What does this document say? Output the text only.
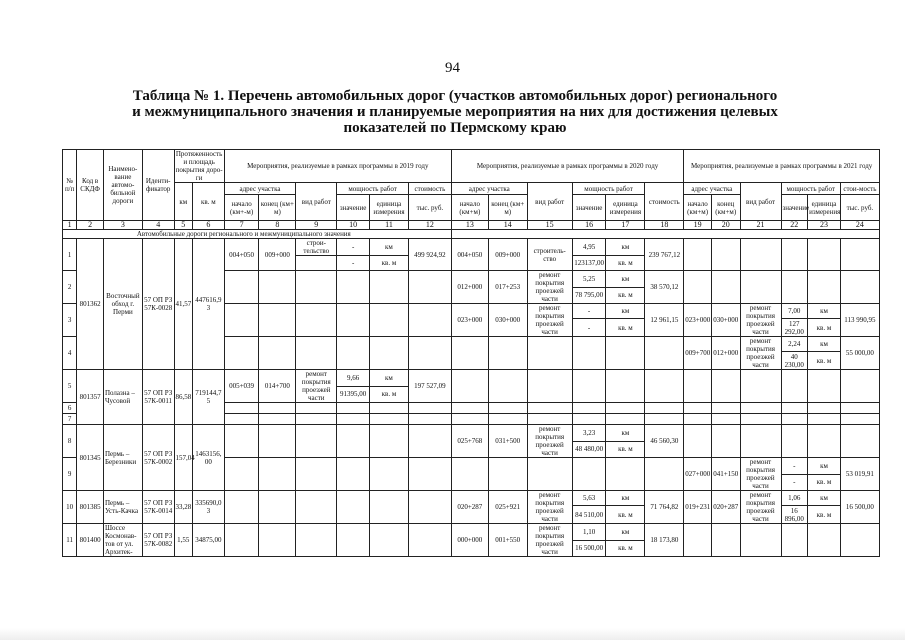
94
Таблица № 1. Перечень автомобильных дорог (участков автомобильных дорог) регионального
и межмуниципального значения и планируемые мероприятия на них для достижения целевых
показателей по Пермскому краю
№ п/п	Код в СКДФ	Наимено-вание автомо-бильной дороги	Иденти-фикатор	Протяженность и площадь покрытия доро-ги		Мероприятия, реализуемые в рамках программы в 2019 году						Мероприятия, реализуемые в рамках программы в 2020 году						Мероприятия, реализуемые в рамках программы в 2021 году					
				км	кв. м	адрес участка		вид работ	мощность работ		стоимость	адрес участка		вид работ	мощность работ		стоимость	адрес участка		вид работ	мощность работ		стои-мость
						начало (км+-м)	конец (км+ м)		значение	единица измерения	тыс. руб.	начало (км+м)	конец (км+ м)		значение	единица измерения		начало (км+м)	конец (км+м)		значение	единица измерения	тыс. руб.
1	2	3	4	5	6	7	8	9	10	11	12	13	14	15	16	17	18	19	20	21	22	23	24
	Автомобильные дороги регионального и межмуниципального значения																						
1	801362	Восточный обход г. Перми	57 ОП РЗ 57К-0028	41,57	447616,9 3	004+050	009+000	строи-тельство	-	км	499 924,92	004+050	009+000	строитель-ство	4,95	км	239 767,12						
									-	кв. м					123137,00	кв. м							
2												012+000	017+253	ремонт покрытия проезжей части	5,25	км	38 570,12						
															78 795,00	кв. м							
3												023+000	030+000	ремонт покрытия проезжей части	-	км	12 961,15	023+000	030+000	ремонт покрытия проезжей части	7,00	км	113 990,95
															-	кв. м					127 292,00	кв. м	
4																		009+700	012+000	ремонт покрытия проезжей части	2,24	км	55 000,00
																					40 230,00	кв. м	
5	801357	Полазна – Чусовой	57 ОП РЗ 57К-0011	86,58	719144,7 5	005+039	014+700	ремонт покрытия проезжей части	9,66	км	197 527,09												
									91395,00	кв. м													
6																							
7																							
8	801345	Пермь – Березники	57 ОП РЗ 57К-0002	157,04	1463156, 00							025+768	031+500	ремонт покрытия проезжей части	3,23	км	46 560,30						
															48 480,00	кв. м							
9																		027+000	041+150	ремонт покрытия проезжей части	-	км	53 019,91
																					-	кв. м	
10	801385	Пермь – Усть-Качка	57 ОП РЗ 57К-0014	33,28	335690,0 3							020+287	025+921	ремонт покрытия проезжей части	5,63	км	71 764,82	019+231	020+287	ремонт покрытия проезжей части	1,06	км	16 500,00
															84 510,00	кв. м					16 896,00	кв. м	
11	801400	Шоссе Космонав-тов от ул. Архитек-	57 ОП РЗ 57К-0082	1,55	34875,00							000+000	001+550	ремонт покрытия проезжей части	1,10	км	18 173,80						
															16 500,00	кв. м							
